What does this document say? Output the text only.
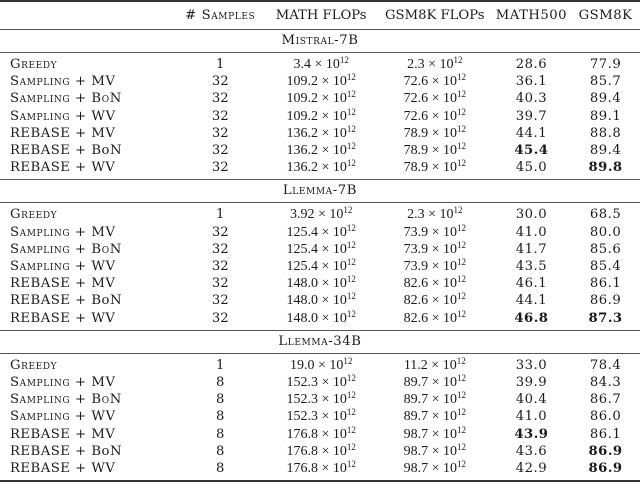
	# Samples	MATH FLOPs	GSM8K FLOPs	MATH500	GSM8K
Mistral-7B					
Greedy	1	$3.4 \times 10^{12}$	$2.3 \times 10^{12}$	28.6	77.9
Sampling + MV	32	$109.2 \times 10^{12}$	$72.6 \times 10^{12}$	36.1	85.7
Sampling + BoN	32	$109.2 \times 10^{12}$	$72.6 \times 10^{12}$	40.3	89.4
Sampling + WV	32	$109.2 \times 10^{12}$	$72.6 \times 10^{12}$	39.7	89.1
REBASE + MV	32	$136.2 \times 10^{12}$	$78.9 \times 10^{12}$	44.1	88.8
REBASE + BoN	32	$136.2 \times 10^{12}$	$78.9 \times 10^{12}$	45.4	89.4
REBASE + WV	32	$136.2 \times 10^{12}$	$78.9 \times 10^{12}$	45.0	89.8
Llemma-7B					
Greedy	1	$3.92 \times 10^{12}$	$2.3 \times 10^{12}$	30.0	68.5
Sampling + MV	32	$125.4 \times 10^{12}$	$73.9 \times 10^{12}$	41.0	80.0
Sampling + BoN	32	$125.4 \times 10^{12}$	$73.9 \times 10^{12}$	41.7	85.6
Sampling + WV	32	$125.4 \times 10^{12}$	$73.9 \times 10^{12}$	43.5	85.4
REBASE + MV	32	$148.0 \times 10^{12}$	$82.6 \times 10^{12}$	46.1	86.1
REBASE + BoN	32	$148.0 \times 10^{12}$	$82.6 \times 10^{12}$	44.1	86.9
REBASE + WV	32	$148.0 \times 10^{12}$	$82.6 \times 10^{12}$	46.8	87.3
Llemma-34B					
Greedy	1	$19.0 \times 10^{12}$	$11.2 \times 10^{12}$	33.0	78.4
Sampling + MV	8	$152.3 \times 10^{12}$	$89.7 \times 10^{12}$	39.9	84.3
Sampling + BoN	8	$152.3 \times 10^{12}$	$89.7 \times 10^{12}$	40.4	86.7
Sampling + WV	8	$152.3 \times 10^{12}$	$89.7 \times 10^{12}$	41.0	86.0
REBASE + MV	8	$176.8 \times 10^{12}$	$98.7 \times 10^{12}$	43.9	86.1
REBASE + BoN	8	$176.8 \times 10^{12}$	$98.7 \times 10^{12}$	43.6	86.9
REBASE + WV	8	$176.8 \times 10^{12}$	$98.7 \times 10^{12}$	42.9	86.9
